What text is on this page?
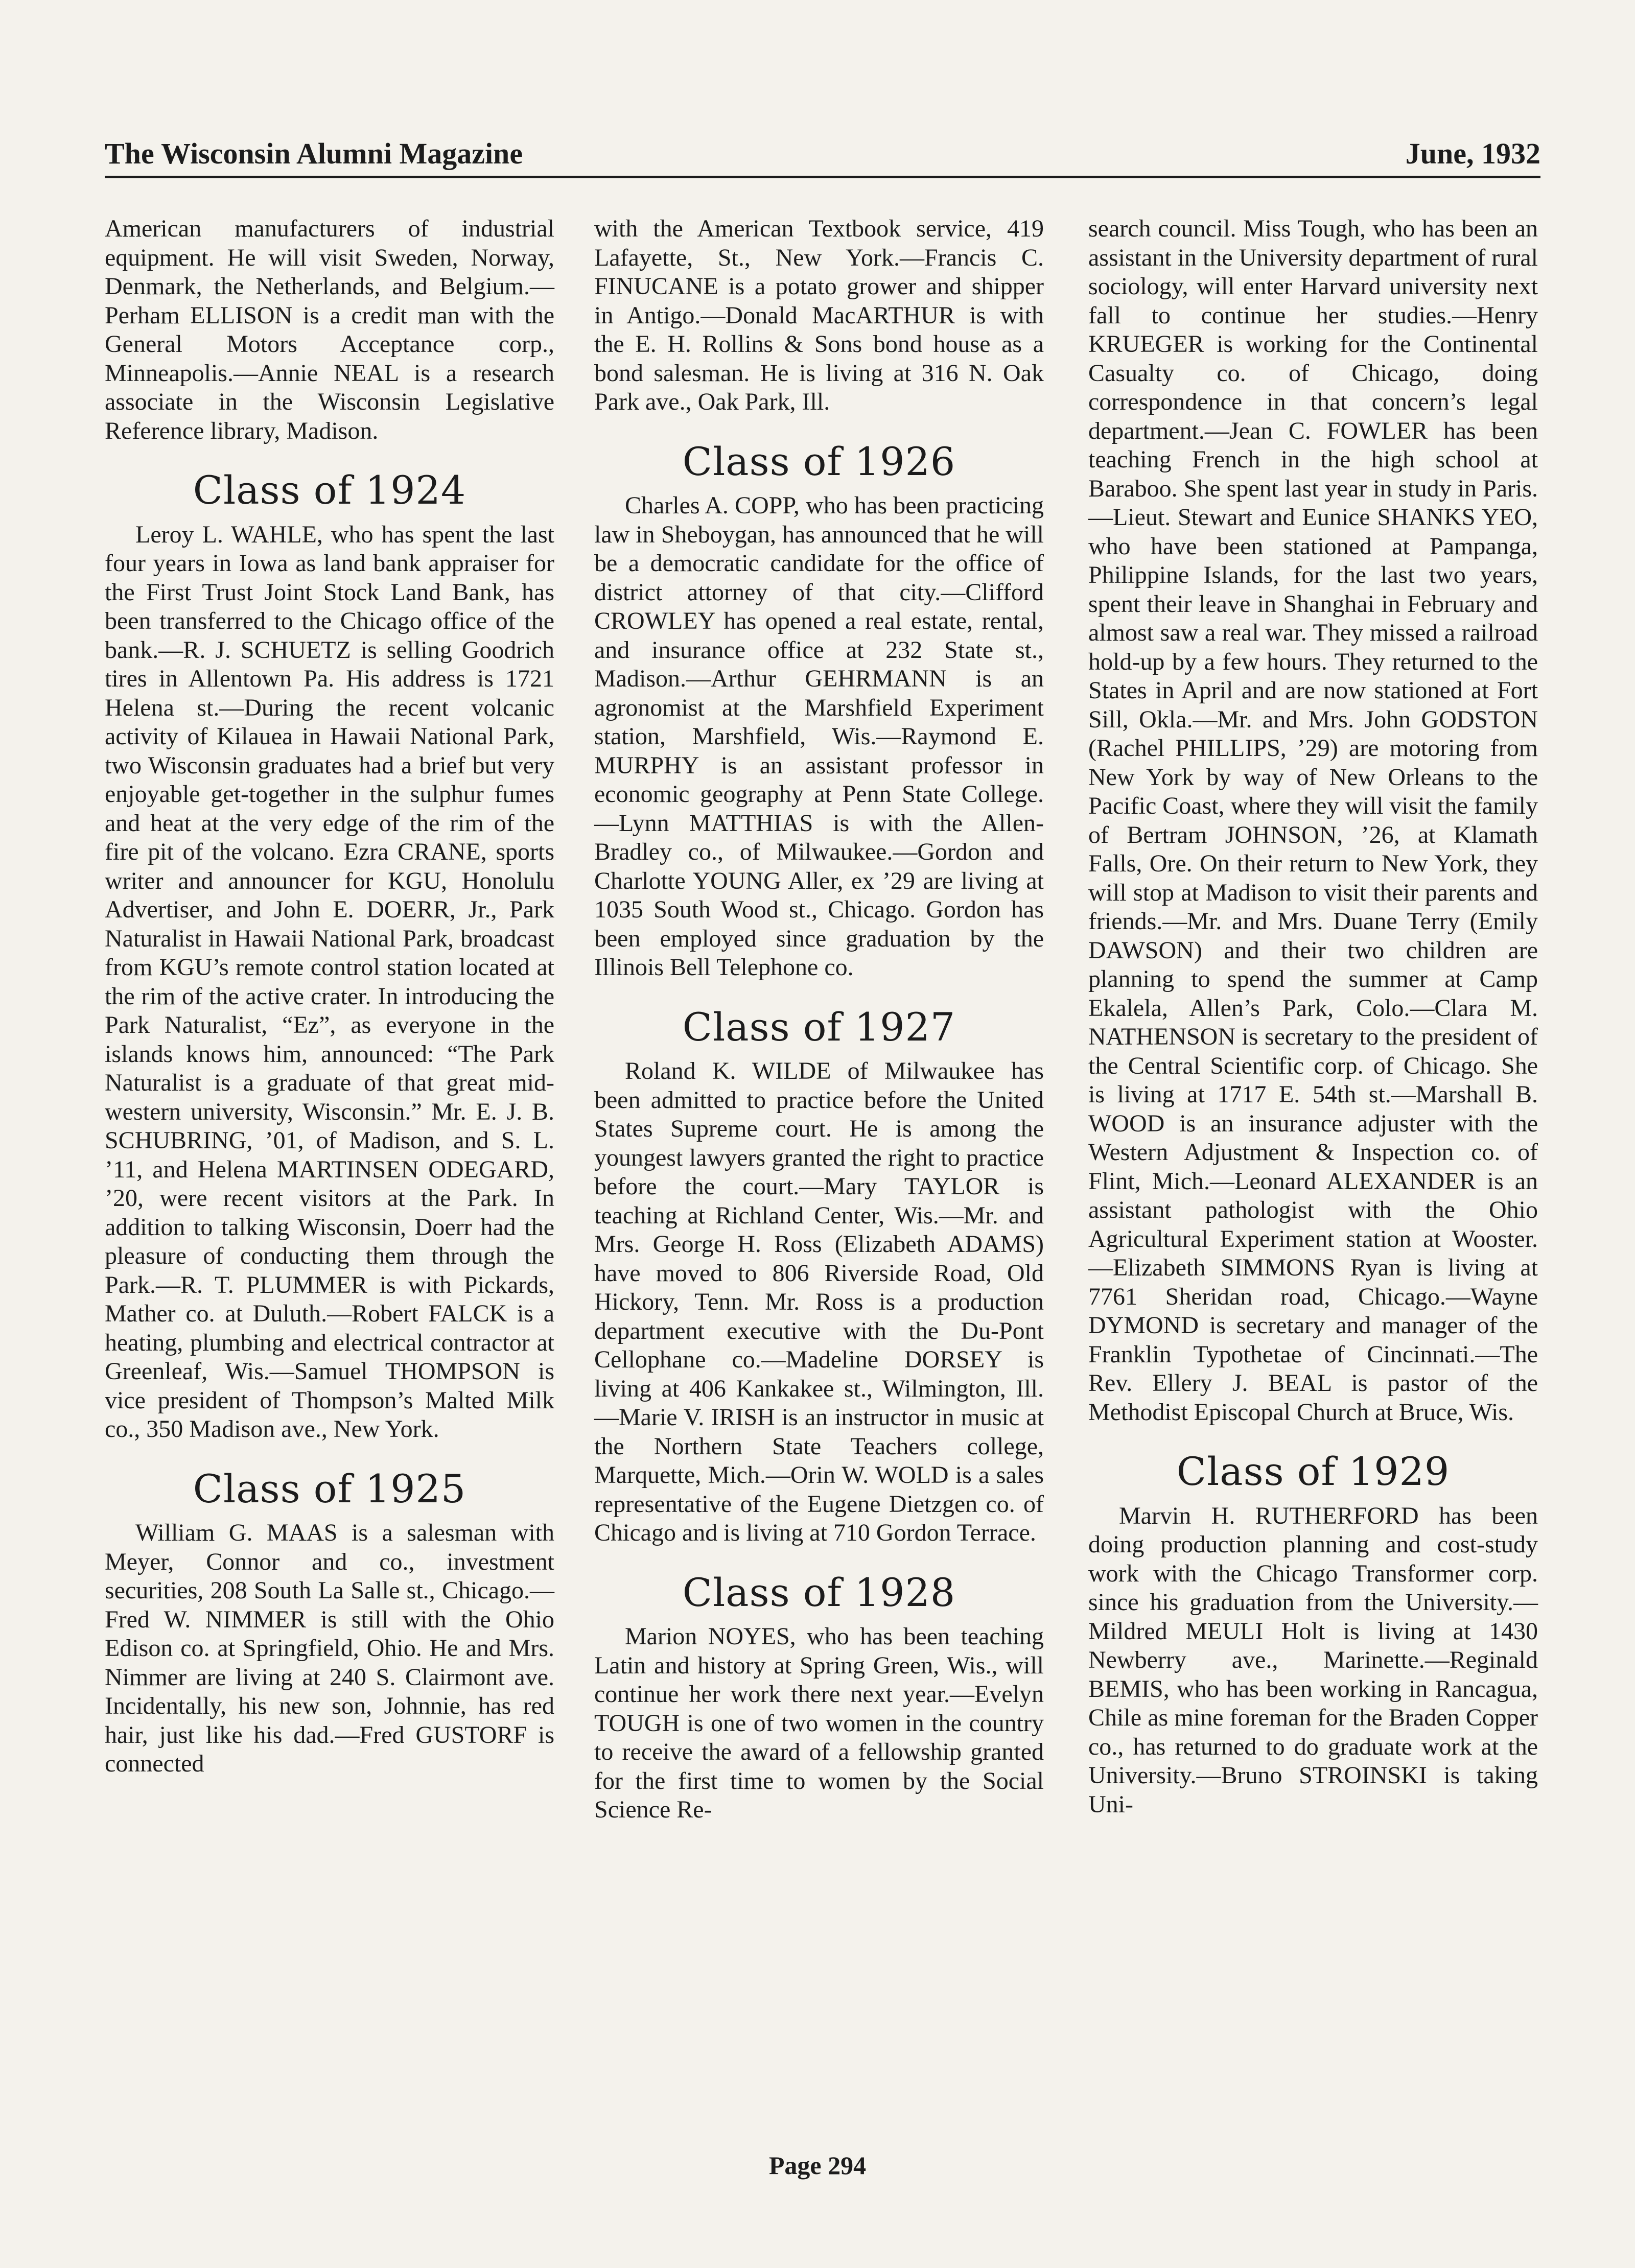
The Wisconsin Alumni Magazine	June, 1932

American manufacturers of industrial equipment. He will visit Sweden, Norway, Denmark, the Netherlands, and Belgium.—Perham ELLISON is a credit man with the General Motors Acceptance corp., Minneapolis.—Annie NEAL is a research associate in the Wisconsin Legislative Reference library, Madison.

Class of 1924

Leroy L. WAHLE, who has spent the last four years in Iowa as land bank appraiser for the First Trust Joint Stock Land Bank, has been transferred to the Chicago office of the bank.—R. J. SCHUETZ is selling Goodrich tires in Allentown Pa. His address is 1721 Helena st.—During the recent volcanic activity of Kilauea in Hawaii National Park, two Wisconsin graduates had a brief but very enjoyable get-together in the sulphur fumes and heat at the very edge of the rim of the fire pit of the volcano. Ezra CRANE, sports writer and announcer for KGU, Honolulu Advertiser, and John E. DOERR, Jr., Park Naturalist in Hawaii National Park, broadcast from KGU’s remote control station located at the rim of the active crater. In introducing the Park Naturalist, “Ez”, as everyone in the islands knows him, announced: “The Park Naturalist is a graduate of that great mid-western university, Wisconsin.” Mr. E. J. B. SCHUBRING, ’01, of Madison, and S. L. ’11, and Helena MARTINSEN ODEGARD, ’20, were recent visitors at the Park. In addition to talking Wisconsin, Doerr had the pleasure of conducting them through the Park.—R. T. PLUMMER is with Pickards, Mather co. at Duluth.—Robert FALCK is a heating, plumbing and electrical contractor at Greenleaf, Wis.—Samuel THOMPSON is vice president of Thompson’s Malted Milk co., 350 Madison ave., New York.

Class of 1925

William G. MAAS is a salesman with Meyer, Connor and co., investment securities, 208 South La Salle st., Chicago.—Fred W. NIMMER is still with the Ohio Edison co. at Springfield, Ohio. He and Mrs. Nimmer are living at 240 S. Clairmont ave. Incidentally, his new son, Johnnie, has red hair, just like his dad.—Fred GUSTORF is connected

with the American Textbook service, 419 Lafayette, St., New York.—Francis C. FINUCANE is a potato grower and shipper in Antigo.—Donald MacARTHUR is with the E. H. Rollins & Sons bond house as a bond salesman. He is living at 316 N. Oak Park ave., Oak Park, Ill.

Class of 1926

Charles A. COPP, who has been practicing law in Sheboygan, has announced that he will be a democratic candidate for the office of district attorney of that city.—Clifford CROWLEY has opened a real estate, rental, and insurance office at 232 State st., Madison.—Arthur GEHRMANN is an agronomist at the Marshfield Experiment station, Marshfield, Wis.—Raymond E. MURPHY is an assistant professor in economic geography at Penn State College.—Lynn MATTHIAS is with the Allen-Bradley co., of Milwaukee.—Gordon and Charlotte YOUNG Aller, ex ’29 are living at 1035 South Wood st., Chicago. Gordon has been employed since graduation by the Illinois Bell Telephone co.

Class of 1927

Roland K. WILDE of Milwaukee has been admitted to practice before the United States Supreme court. He is among the youngest lawyers granted the right to practice before the court.—Mary TAYLOR is teaching at Richland Center, Wis.—Mr. and Mrs. George H. Ross (Elizabeth ADAMS) have moved to 806 Riverside Road, Old Hickory, Tenn. Mr. Ross is a production department executive with the Du-Pont Cellophane co.—Madeline DORSEY is living at 406 Kankakee st., Wilmington, Ill.—Marie V. IRISH is an instructor in music at the Northern State Teachers college, Marquette, Mich.—Orin W. WOLD is a sales representative of the Eugene Dietzgen co. of Chicago and is living at 710 Gordon Terrace.

Class of 1928

Marion NOYES, who has been teaching Latin and history at Spring Green, Wis., will continue her work there next year.—Evelyn TOUGH is one of two women in the country to receive the award of a fellowship granted for the first time to women by the Social Science Re-

search council. Miss Tough, who has been an assistant in the University department of rural sociology, will enter Harvard university next fall to continue her studies.—Henry KRUEGER is working for the Continental Casualty co. of Chicago, doing correspondence in that concern’s legal department.—Jean C. FOWLER has been teaching French in the high school at Baraboo. She spent last year in study in Paris.—Lieut. Stewart and Eunice SHANKS YEO, who have been stationed at Pampanga, Philippine Islands, for the last two years, spent their leave in Shanghai in February and almost saw a real war. They missed a railroad hold-up by a few hours. They returned to the States in April and are now stationed at Fort Sill, Okla.—Mr. and Mrs. John GODSTON (Rachel PHILLIPS, ’29) are motoring from New York by way of New Orleans to the Pacific Coast, where they will visit the family of Bertram JOHNSON, ’26, at Klamath Falls, Ore. On their return to New York, they will stop at Madison to visit their parents and friends.—Mr. and Mrs. Duane Terry (Emily DAWSON) and their two children are planning to spend the summer at Camp Ekalela, Allen’s Park, Colo.—Clara M. NATHENSON is secretary to the president of the Central Scientific corp. of Chicago. She is living at 1717 E. 54th st.—Marshall B. WOOD is an insurance adjuster with the Western Adjustment & Inspection co. of Flint, Mich.—Leonard ALEXANDER is an assistant pathologist with the Ohio Agricultural Experiment station at Wooster.—Elizabeth SIMMONS Ryan is living at 7761 Sheridan road, Chicago.—Wayne DYMOND is secretary and manager of the Franklin Typothetae of Cincinnati.—The Rev. Ellery J. BEAL is pastor of the Methodist Episcopal Church at Bruce, Wis.

Class of 1929

Marvin H. RUTHERFORD has been doing production planning and cost-study work with the Chicago Transformer corp. since his graduation from the University.—Mildred MEULI Holt is living at 1430 Newberry ave., Marinette.—Reginald BEMIS, who has been working in Rancagua, Chile as mine foreman for the Braden Copper co., has returned to do graduate work at the University.—Bruno STROINSKI is taking Uni-

Page 294
